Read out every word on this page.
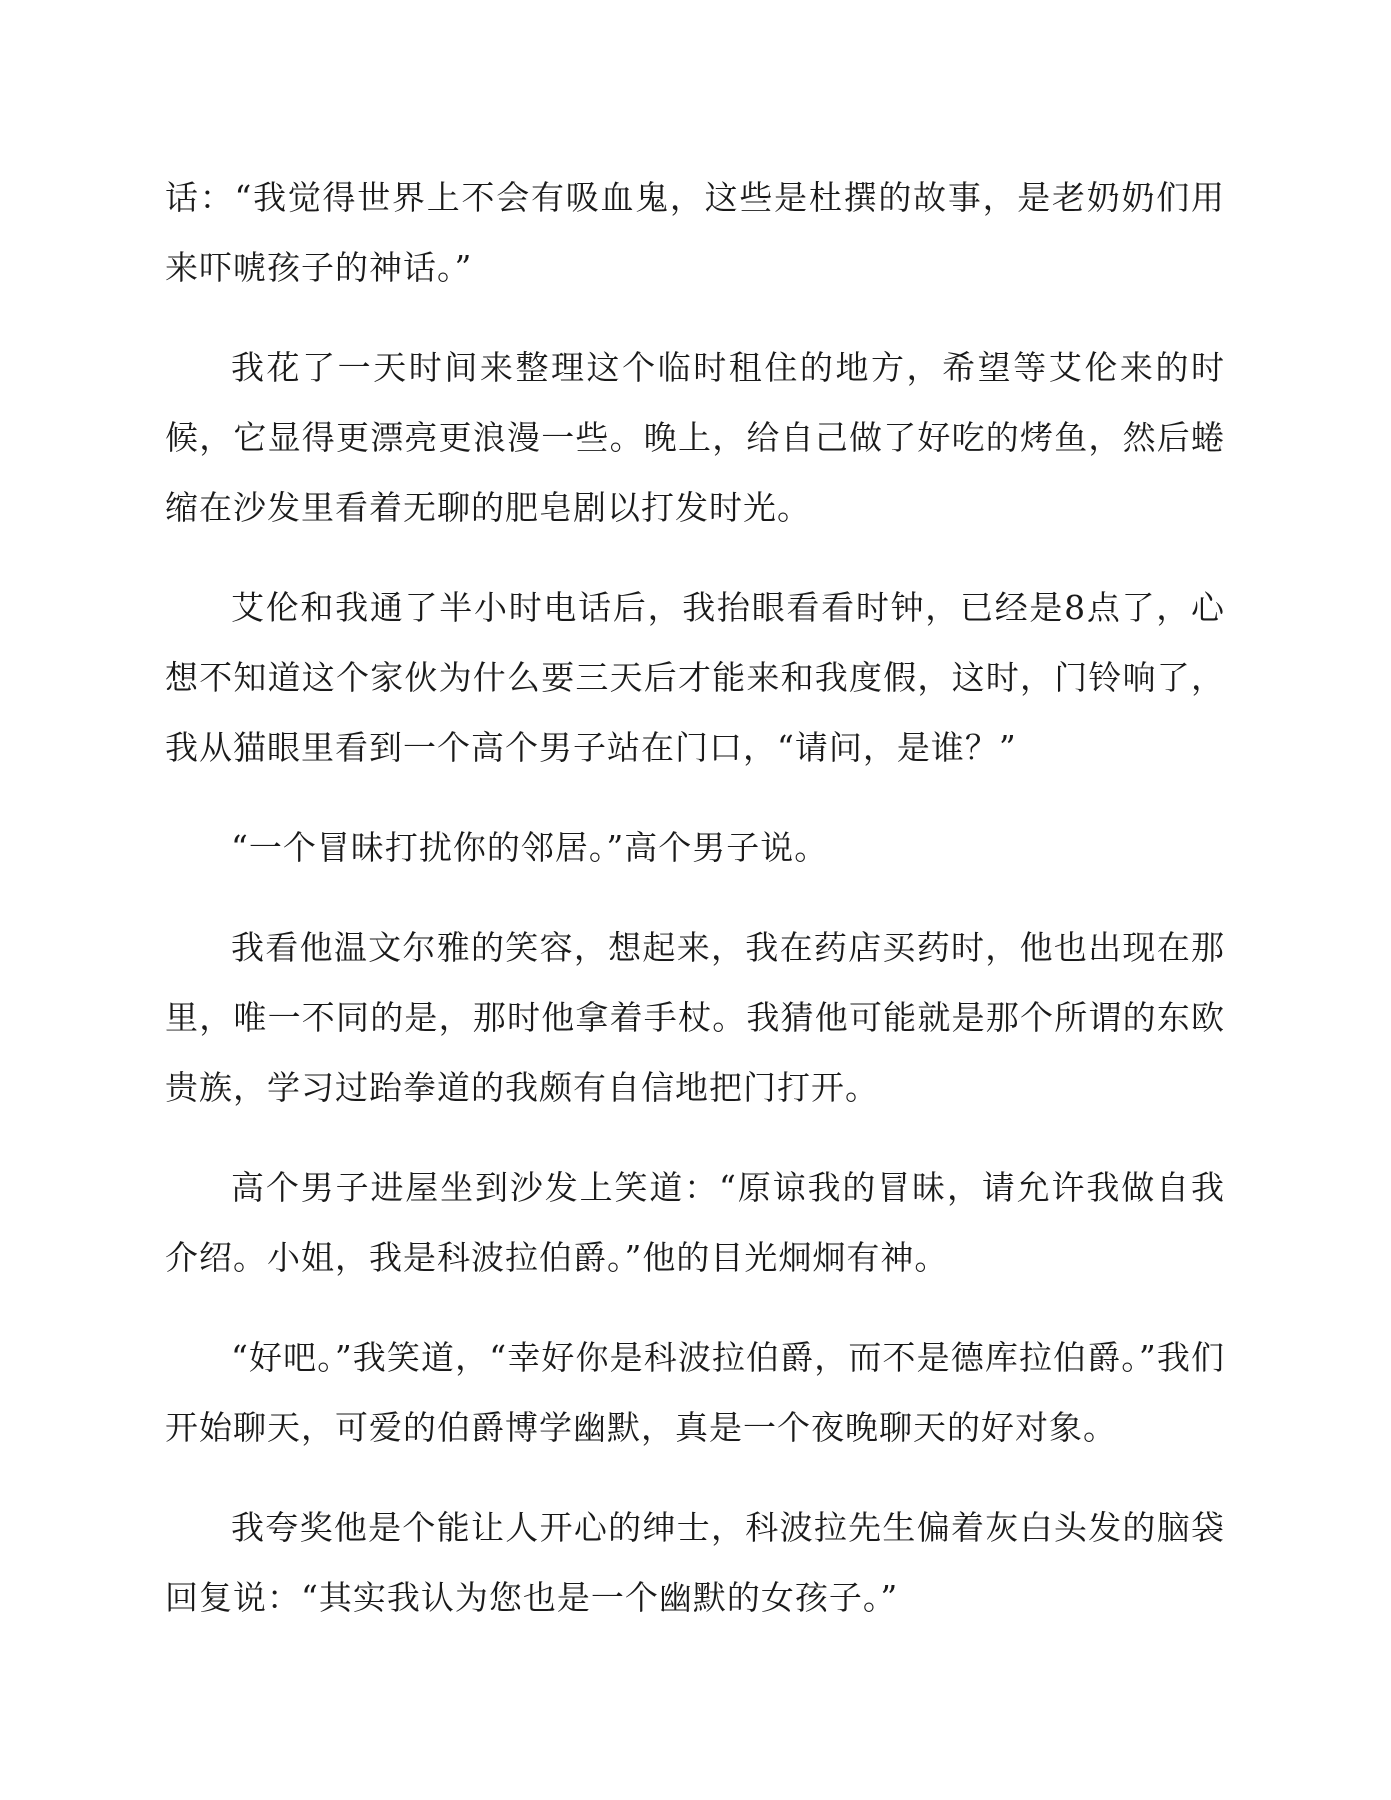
话：“我觉得世界上不会有吸血鬼，这些是杜撰的故事，是老奶奶们用来吓唬孩子的神话。”

我花了一天时间来整理这个临时租住的地方，希望等艾伦来的时候，它显得更漂亮更浪漫一些。晚上，给自己做了好吃的烤鱼，然后蜷缩在沙发里看着无聊的肥皂剧以打发时光。

艾伦和我通了半小时电话后，我抬眼看看时钟，已经是8点了，心想不知道这个家伙为什么要三天后才能来和我度假，这时，门铃响了，我从猫眼里看到一个高个男子站在门口，“请问，是谁？”

“一个冒昧打扰你的邻居。”高个男子说。

我看他温文尔雅的笑容，想起来，我在药店买药时，他也出现在那里，唯一不同的是，那时他拿着手杖。我猜他可能就是那个所谓的东欧贵族，学习过跆拳道的我颇有自信地把门打开。

高个男子进屋坐到沙发上笑道：“原谅我的冒昧，请允许我做自我介绍。小姐，我是科波拉伯爵。”他的目光炯炯有神。

“好吧。”我笑道，“幸好你是科波拉伯爵，而不是德库拉伯爵。”我们开始聊天，可爱的伯爵博学幽默，真是一个夜晚聊天的好对象。

我夸奖他是个能让人开心的绅士，科波拉先生偏着灰白头发的脑袋回复说：“其实我认为您也是一个幽默的女孩子。”
